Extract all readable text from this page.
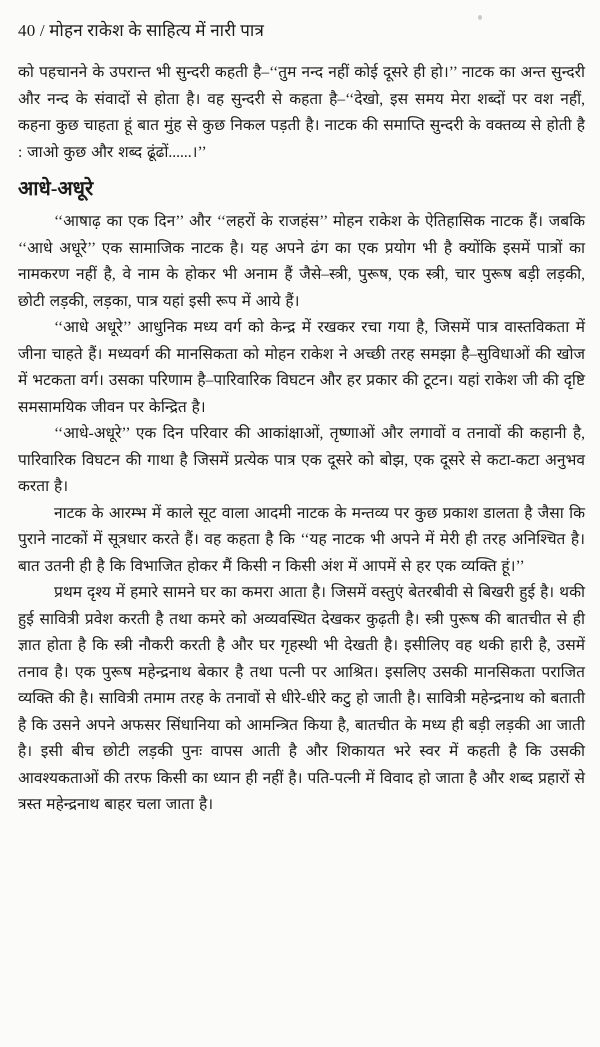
40 / मोहन राकेश के साहित्य में नारी पात्र
को पहचानने के उपरान्त भी सुन्दरी कहती है–‘‘तुम नन्द नहीं कोई दूसरे ही हो।’’ नाटक का अन्त सुन्दरी और नन्द के संवादों से होता है। वह सुन्दरी से कहता है–‘‘देखो, इस समय मेरा शब्दों पर वश नहीं, कहना कुछ चाहता हूं बात मुंह से कुछ निकल पड़ती है। नाटक की समाप्ति सुन्दरी के वक्तव्य से होती है : जाओ कुछ और शब्द ढूंढों......।’’
आधे-अधूरे
‘‘आषाढ़ का एक दिन’’ और ‘‘लहरों के राजहंस’’ मोहन राकेश के ऐतिहासिक नाटक हैं। जबकि ‘‘आधे अधूरे’’ एक सामाजिक नाटक है। यह अपने ढंग का एक प्रयोग भी है क्योंकि इसमें पात्रों का नामकरण नहीं है, वे नाम के होकर भी अनाम हैं जैसे–स्त्री, पुरूष, एक स्त्री, चार पुरूष बड़ी लड़की, छोटी लड़की, लड़का, पात्र यहां इसी रूप में आये हैं।
‘‘आधे अधूरे’’ आधुनिक मध्य वर्ग को केन्द्र में रखकर रचा गया है, जिसमें पात्र वास्तविकता में जीना चाहते हैं। मध्यवर्ग की मानसिकता को मोहन राकेश ने अच्छी तरह समझा है–सुविधाओं की खोज में भटकता वर्ग। उसका परिणाम है–पारिवारिक विघटन और हर प्रकार की टूटन। यहां राकेश जी की दृष्टि समसामयिक जीवन पर केन्द्रित है।
‘‘आधे-अधूरे’’ एक दिन परिवार की आकांक्षाओं, तृष्णाओं और लगावों व तनावों की कहानी है, पारिवारिक विघटन की गाथा है जिसमें प्रत्येक पात्र एक दूसरे को बोझ, एक दूसरे से कटा-कटा अनुभव करता है।
नाटक के आरम्भ में काले सूट वाला आदमी नाटक के मन्तव्य पर कुछ प्रकाश डालता है जैसा कि पुराने नाटकों में सूत्रधार करते हैं। वह कहता है कि ‘‘यह नाटक भी अपने में मेरी ही तरह अनिश्चित है। बात उतनी ही है कि विभाजित होकर मैं किसी न किसी अंश में आपमें से हर एक व्यक्ति हूं।’’
प्रथम दृश्य में हमारे सामने घर का कमरा आता है। जिसमें वस्तुएं बेतरबीवी से बिखरी हुई है। थकी हुई सावित्री प्रवेश करती है तथा कमरे को अव्यवस्थित देखकर कुढ़ती है। स्त्री पुरूष की बातचीत से ही ज्ञात होता है कि स्त्री नौकरी करती है और घर गृहस्थी भी देखती है। इसीलिए वह थकी हारी है, उसमें तनाव है। एक पुरूष महेन्द्रनाथ बेकार है तथा पत्नी पर आश्रित। इसलिए उसकी मानसिकता पराजित व्यक्ति की है। सावित्री तमाम तरह के तनावों से धीरे-धीरे कटु हो जाती है। सावित्री महेन्द्रनाथ को बताती है कि उसने अपने अफसर सिंधानिया को आमन्त्रित किया है, बातचीत के मध्य ही बड़ी लड़की आ जाती है। इसी बीच छोटी लड़की पुनः वापस आती है और शिकायत भरे स्वर में कहती है कि उसकी आवश्यकताओं की तरफ किसी का ध्यान ही नहीं है। पति-पत्नी में विवाद हो जाता है और शब्द प्रहारों से त्रस्त महेन्द्रनाथ बाहर चला जाता है।
